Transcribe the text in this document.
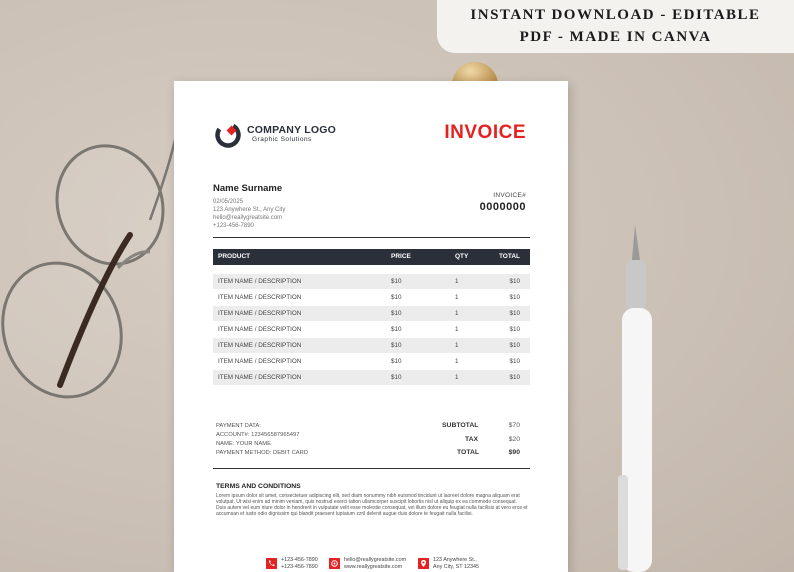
INSTANT DOWNLOAD - EDITABLE
PDF - MADE IN CANVA
COMPANY LOGO
Graphic Solutions	INVOICE
Name Surname
02/05/2025
123 Anywhere St., Any City
hello@reallygreatsite.com
+123-456-7890
INVOICE#
0000000
PRODUCT	PRICE	QTY	TOTAL
ITEM NAME / DESCRIPTION	$10	1	$10
ITEM NAME / DESCRIPTION	$10	1	$10
ITEM NAME / DESCRIPTION	$10	1	$10
ITEM NAME / DESCRIPTION	$10	1	$10
ITEM NAME / DESCRIPTION	$10	1	$10
ITEM NAME / DESCRIPTION	$10	1	$10
ITEM NAME / DESCRIPTION	$10	1	$10
PAYMENT DATA:
ACCOUNT#: 123456587965497
NAME: YOUR NAME
PAYMENT METHOD: DEBIT CARD
SUBTOTAL	$70
TAX	$20
TOTAL	$90
TERMS AND CONDITIONS
Lorem ipsum dolor sit amet, consectetuer adipiscing elit, sed diam nonummy nibh euismod tincidunt ut laoreet dolore magna aliquam erat volutpat. Ut wisi enim ad minim veniam, quis nostrud exerci tation ullamcorper suscipit lobortis nisl ut aliquip ex ea commodo consequat. Duis autem vel eum iriure dolor in hendrerit in vulputate velit esse molestie consequat, vel illum dolore eu feugiat nulla facilisis at vero eros et accumsan et iusto odio dignissim qui blandit praesent luptatum zzril delenit augue duis dolore te feugait nulla facilisi.
+123-456-7890
+123-456-7890
hello@reallygreatsite.com
www.reallygreatsite.com
123 Anywhere St.,
Any City, ST 12345
